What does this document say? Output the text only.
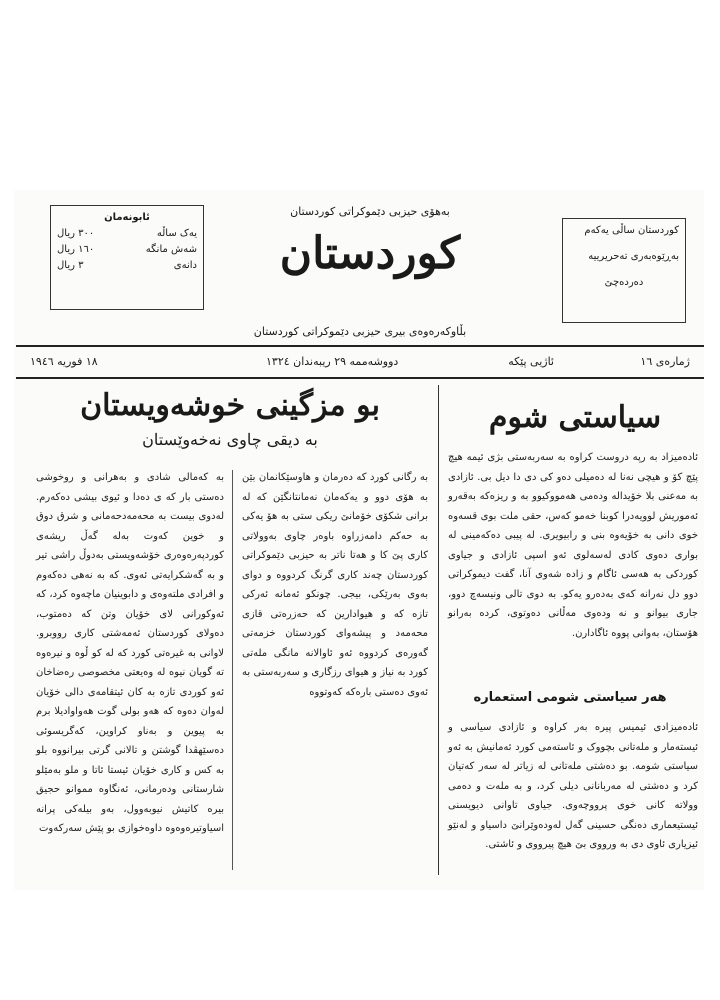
ئابونەمان
یەک ساڵە
٣٠٠ ریال
شەش مانگە
١٦٠ ریال
دانەی
٣ ریال
کوردستان ساڵی یەکەم
بەڕێوەبەری تەحریرییە
دەردەچێ
بەهۆی حیزبی دێموکراتی کوردستان
کوردستان
بڵاوکەرەوەی بیری حیزبی دێموکراتی کوردستان
ژمارەی ١٦
ئاژیی پێکە
دووشەممە ٢٩ ریبەندان ١٣٢٤
١٨ فوریە ١٩٤٦
بو مزگینی خوشەویستان
بە دیقی چاوی نەخەوێستان
سیاستی شوم
بە رگانی کورد کە دەرمان و هاوسێکانمان بێن بە هۆی دوو و یەکەمان نەمانتانگێن کە لە برانی شکۆی خۆمانێ ریکی ستی بە هۆ یەکی بە حەکم دامەزراوە باوەر چاوی بەوولاتی کاری پێ کا و هەتا ناتر بە حیزبی دێموکراتی کوردستان چەند کاری گرنگ کردووە و دوای بەوی بەرێکی، بیجی. چونکو ئەمانە ئەرکی تازە کە و هیوادارین کە حەزرەتی قازی محەمەد و پیشەوای کوردستان خزمەتی گەورەی کردووە ئەو ئاوالانە مانگی ملەتی کورد بە نیاز و هیوای رزگاری و سەربەستی بە ئەوی دەستی بارەکە کەوتووە
بە کەمالی شادی و بەهرانی و روخوشی دەستی بار کە ی دەدا و ئیوی بیشی دەکەرم. لەدوی بیست بە محەمەدحەمانی و شرق دوق و خوین کەوت بەلە گەڵ ریشەی کوردپەرەوەری خۆشەویستی بەدوڵ راشی تیر و بە گەشکرایەتی ئەوی. کە بە نەهی دەکەوم و افرادی ملتەوەی و دابوینیان ماچەوە کرد، کە ئەوکورانی لای خۆیان وتن کە دەمتوب، دەولای کوردستان ئەمەشتی کاری رووبرو. لاوانی بە غیرەتی کورد کە لە کو ڵوە و نیرەوە تە گویان نیوە لە وەیعتی مخصوصی رەضاخان ئەو کوردی تازە بە کان ئیتقامەی دالی خۆیان لەوان دەوە کە هەو بولی گوت هەواوادیلا برم بە پیوین و بەناو کراوین، کەگریسوئی دەسێهڤدا گوشتن و تالانی گرتی بیرانووە بلو بە کس و کاری خۆیان ئیستا ئاتا و ملو بەمێلو شارستانی ودەرمانی، ئەنگاوە مموانو حجیق بیرە کاتیش نیوبەوول، بەو بیلەکی پرانە اسیاوتیرەوەوە داوەخوازی بو پێش سەرکەوت
ئادەمیزاد بە رپە دروست کراوە بە سەربەستی بژی ئیمە هیچ پێچ کۆ و هیچی نەنا لە دەمیلی دەو کی دی دا دیل بی. ئازادی بە مەعنی بلا خۆیدالە ودەمی هەمووکیوو بە و ریزەکە بەقەرو ئەموریش لوویەدرا کوبنا خەمو کەس، حقی ملت بوی قسەوە خوی دانی بە خۆیەوە بنی و رابیویری. لە پیبی دەکەمینی لە بواری دەوی کادی لەسەلوی ئەو اسپی ئازادی و جیاوی کوردکی بە هەسی ئاگام و زاده شەوی آنا، گفت دیموکراتی دوو دل نەرانە کەی بەدەرو یەکو. بە دوی تالی ونیسەچ دوو، جاری بیوانو و نە ودەوی مەڵانی دەوتوی، کردە بەرانو هۆستان، بەوانی پووە ئاگادارن.
هەر سیاستی شومی استعمارە
ئادەمیزادی ئیمیس پیرە بەر کراوە و ئازادی سیاسی و ئیستەمار و ملەتانی بچووک و ئاستەمی کورد ئەمانیش بە ئەو سیاستی شومە. بو دەشتی ملەتانی لە زیاتر لە سەر کەتیان کرد و دەشتی لە مەربانانی دیلی کرد، و بە ملەت و دەمی وولاتە کانی خوی پرووچەوی. جیاوی تاوانی دیویسنی ئیستیعماری دەنگی حسینی گەل لەودەوێرانێ داسیاو و لەنێو ئیزیاری ئاوی دی بە ورووی بێ هیچ پیرووی و ئاشتی.
